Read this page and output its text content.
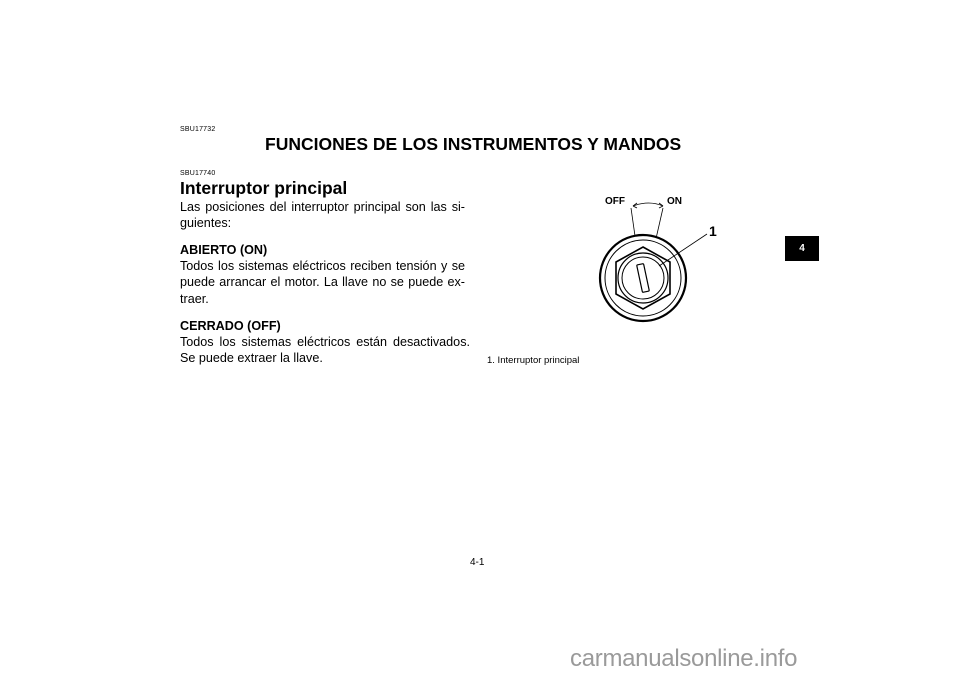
SBU17732
FUNCIONES DE LOS INSTRUMENTOS Y MANDOS
SBU17740
Interruptor principal
Las posiciones del interruptor principal son las si- guientes:
ABIERTO (ON)
Todos los sistemas eléctricos reciben tensión y se puede arrancar el motor. La llave no se puede ex- traer.
CERRADO (OFF)
Todos los sistemas eléctricos están desactivados. Se puede extraer la llave.
OFF	ON
1
1. Interruptor principal
4
4-1
carmanualsonline.info
